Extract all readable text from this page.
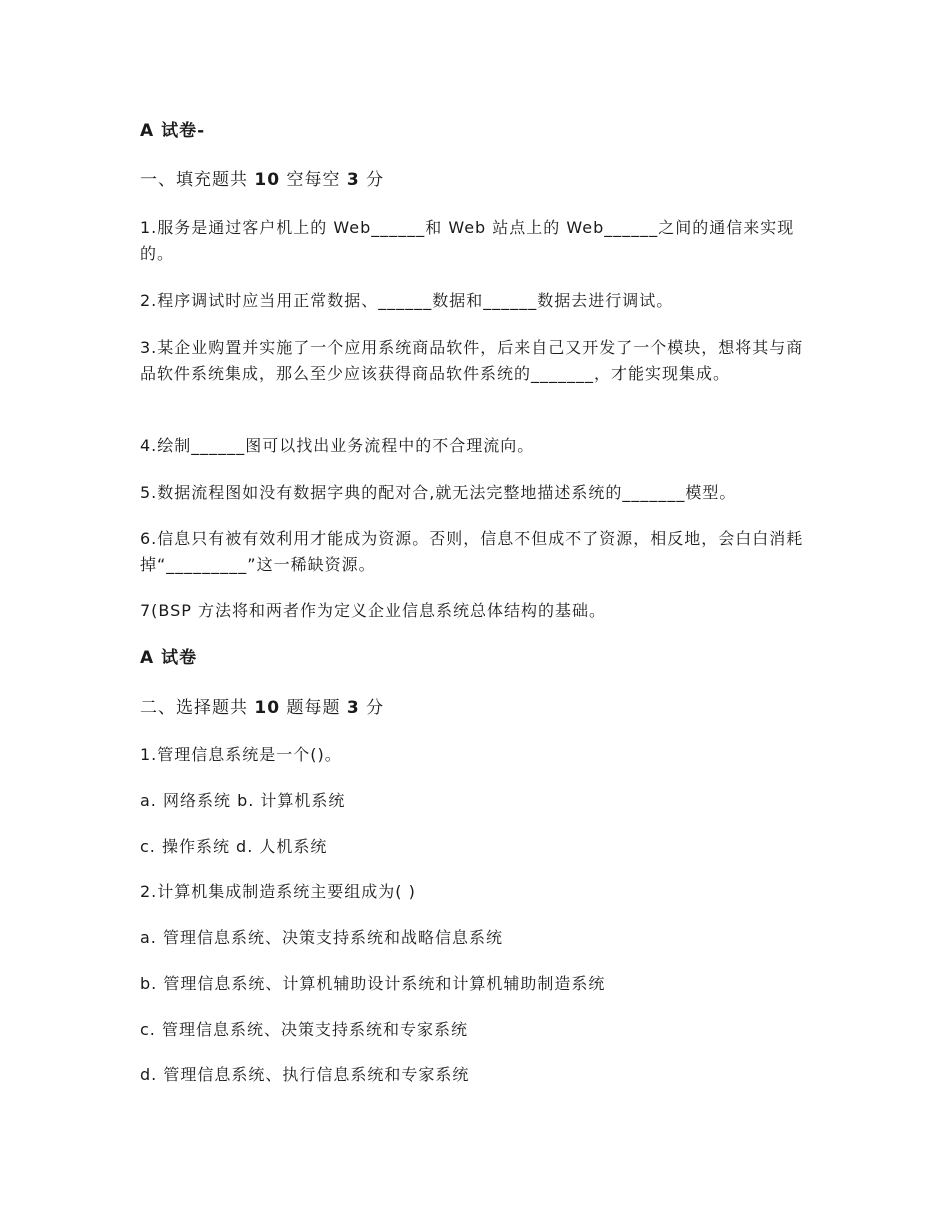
A 试卷-
一、填充题共 10 空每空 3 分
1.服务是通过客户机上的 Web______和 Web 站点上的 Web______之间的通信来实现的。
2.程序调试时应当用正常数据、______数据和______数据去进行调试。
3.某企业购置并实施了一个应用系统商品软件，后来自己又开发了一个模块，想将其与商品软件系统集成，那么至少应该获得商品软件系统的_______，才能实现集成。
4.绘制______图可以找出业务流程中的不合理流向。
5.数据流程图如没有数据字典的配对合,就无法完整地描述系统的_______模型。
6.信息只有被有效利用才能成为资源。否则，信息不但成不了资源，相反地，会白白消耗掉“_________”这一稀缺资源。
7(BSP 方法将和两者作为定义企业信息系统总体结构的基础。
A 试卷
二、选择题共 10 题每题 3 分
1.管理信息系统是一个()。
a. 网络系统 b. 计算机系统
c. 操作系统 d. 人机系统
2.计算机集成制造系统主要组成为( )
a. 管理信息系统、决策支持系统和战略信息系统
b. 管理信息系统、计算机辅助设计系统和计算机辅助制造系统
c. 管理信息系统、决策支持系统和专家系统
d. 管理信息系统、执行信息系统和专家系统
